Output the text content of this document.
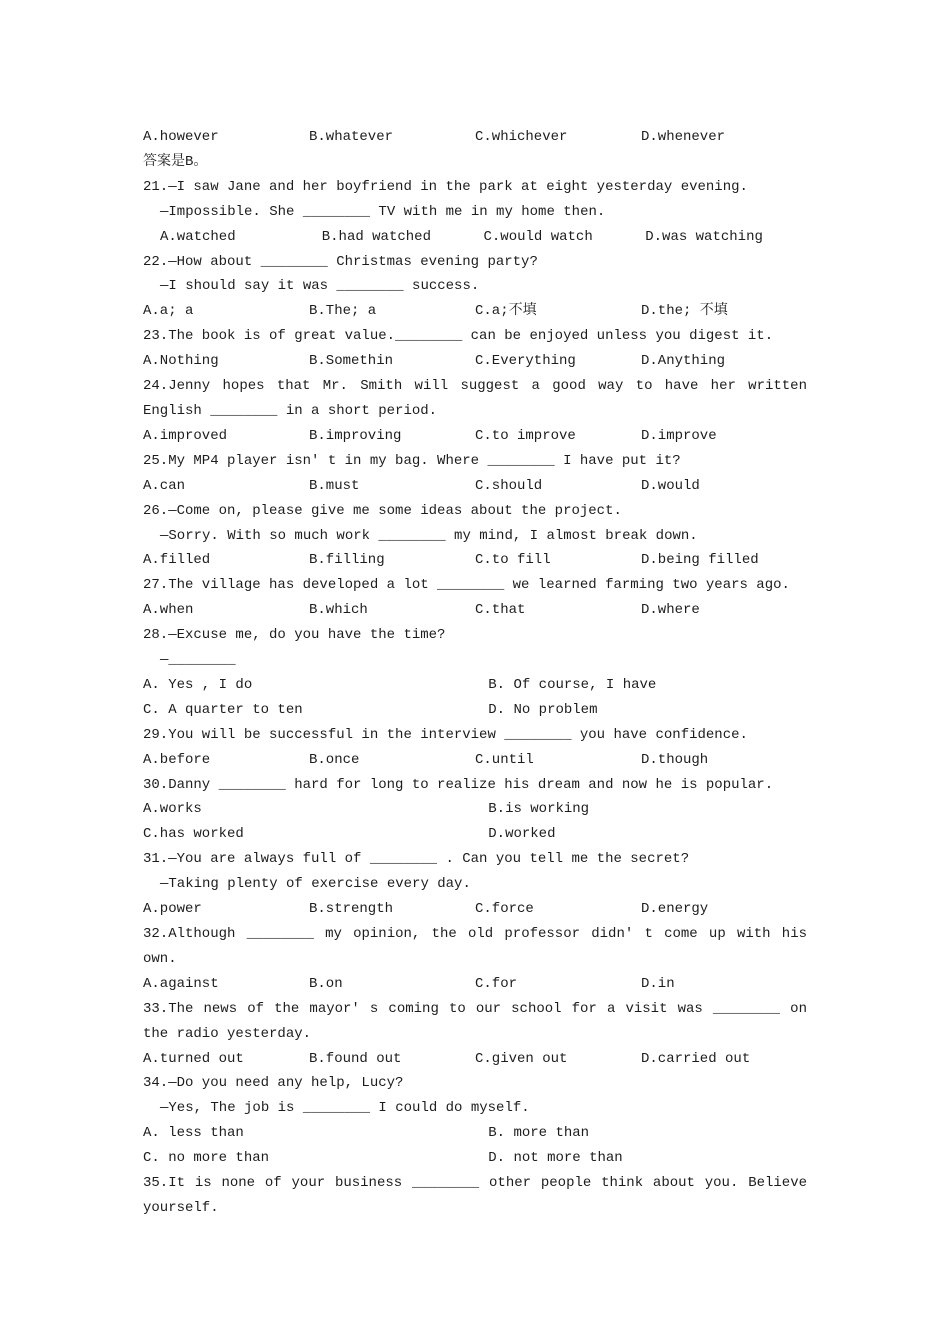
A.however	B.whatever	C.whichever	D.whenever

答案是B。

21.—I saw Jane and her boyfriend in the park at eight yesterday evening.

—Impossible. She ________ TV with me in my home then.

A.watched	B.had watched	C.would watch	D.was watching

22.—How about ________ Christmas evening party?

—I should say it was ________ success.

A.a; a	B.The; a	C.a;不填	D.the; 不填

23.The book is of great value.________ can be enjoyed unless you digest it.

A.Nothing	B.Somethin	C.Everything	D.Anything

24.Jenny hopes that Mr. Smith will suggest a good way to have her written English ________ in a short period.

A.improved	B.improving	C.to improve	D.improve

25.My MP4 player isn' t in my bag. Where ________ I have put it?

A.can	B.must	C.should	D.would

26.—Come on, please give me some ideas about the project.

—Sorry. With so much work ________ my mind, I almost break down.

A.filled	B.filling	C.to fill	D.being filled

27.The village has developed a lot ________ we learned farming two years ago.

A.when	B.which	C.that	D.where

28.—Excuse me, do you have the time?

—________

A. Yes , I do	B. Of course, I have
C. A quarter to ten	D. No problem

29.You will be successful in the interview ________ you have confidence.

A.before	B.once	C.until	D.though

30.Danny ________ hard for long to realize his dream and now he is popular.

A.works	B.is working
C.has worked	D.worked

31.—You are always full of ________ . Can you tell me the secret?

—Taking plenty of exercise every day.

A.power	B.strength	C.force	D.energy

32.Although ________ my opinion, the old professor didn' t come up with his own.

A.against	B.on	C.for	D.in

33.The news of the mayor' s coming to our school for a visit was ________ on the radio yesterday.

A.turned out	B.found out	C.given out	D.carried out

34.—Do you need any help, Lucy?

—Yes, The job is ________ I could do myself.

A. less than	B. more than
C. no more than	D. not more than

35.It is none of your business ________ other people think about you. Believe yourself.
